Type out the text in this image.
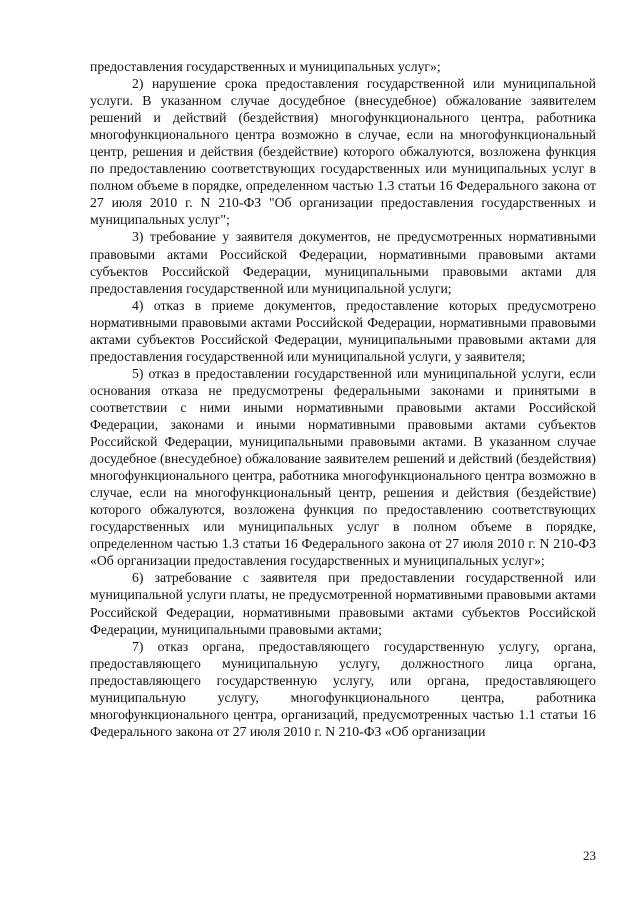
предоставления государственных и муниципальных услуг»;

2) нарушение срока предоставления государственной или муниципальной услуги. В указанном случае досудебное (внесудебное) обжалование заявителем решений и действий (бездействия) многофункционального центра, работника многофункционального центра возможно в случае, если на многофункциональный центр, решения и действия (бездействие) которого обжалуются, возложена функция по предоставлению соответствующих государственных или муниципальных услуг в полном объеме в порядке, определенном частью 1.3 статьи 16 Федерального закона от 27 июля 2010 г. N 210-ФЗ "Об организации предоставления государственных и муниципальных услуг";

3) требование у заявителя документов, не предусмотренных нормативными правовыми актами Российской Федерации, нормативными правовыми актами субъектов Российской Федерации, муниципальными правовыми актами для предоставления государственной или муниципальной услуги;

4) отказ в приеме документов, предоставление которых предусмотрено нормативными правовыми актами Российской Федерации, нормативными правовыми актами субъектов Российской Федерации, муниципальными правовыми актами для предоставления государственной или муниципальной услуги, у заявителя;

5) отказ в предоставлении государственной или муниципальной услуги, если основания отказа не предусмотрены федеральными законами и принятыми в соответствии с ними иными нормативными правовыми актами Российской Федерации, законами и иными нормативными правовыми актами субъектов Российской Федерации, муниципальными правовыми актами. В указанном случае досудебное (внесудебное) обжалование заявителем решений и действий (бездействия) многофункционального центра, работника многофункционального центра возможно в случае, если на многофункциональный центр, решения и действия (бездействие) которого обжалуются, возложена функция по предоставлению соответствующих государственных или муниципальных услуг в полном объеме в порядке, определенном частью 1.3 статьи 16 Федерального закона от 27 июля 2010 г. N 210-ФЗ «Об организации предоставления государственных и муниципальных услуг»;

6) затребование с заявителя при предоставлении государственной или муниципальной услуги платы, не предусмотренной нормативными правовыми актами Российской Федерации, нормативными правовыми актами субъектов Российской Федерации, муниципальными правовыми актами;

7) отказ органа, предоставляющего государственную услугу, органа, предоставляющего муниципальную услугу, должностного лица органа, предоставляющего государственную услугу, или органа, предоставляющего муниципальную услугу, многофункционального центра, работника многофункционального центра, организаций, предусмотренных частью 1.1 статьи 16 Федерального закона от 27 июля 2010 г. N 210-ФЗ «Об организации

23
